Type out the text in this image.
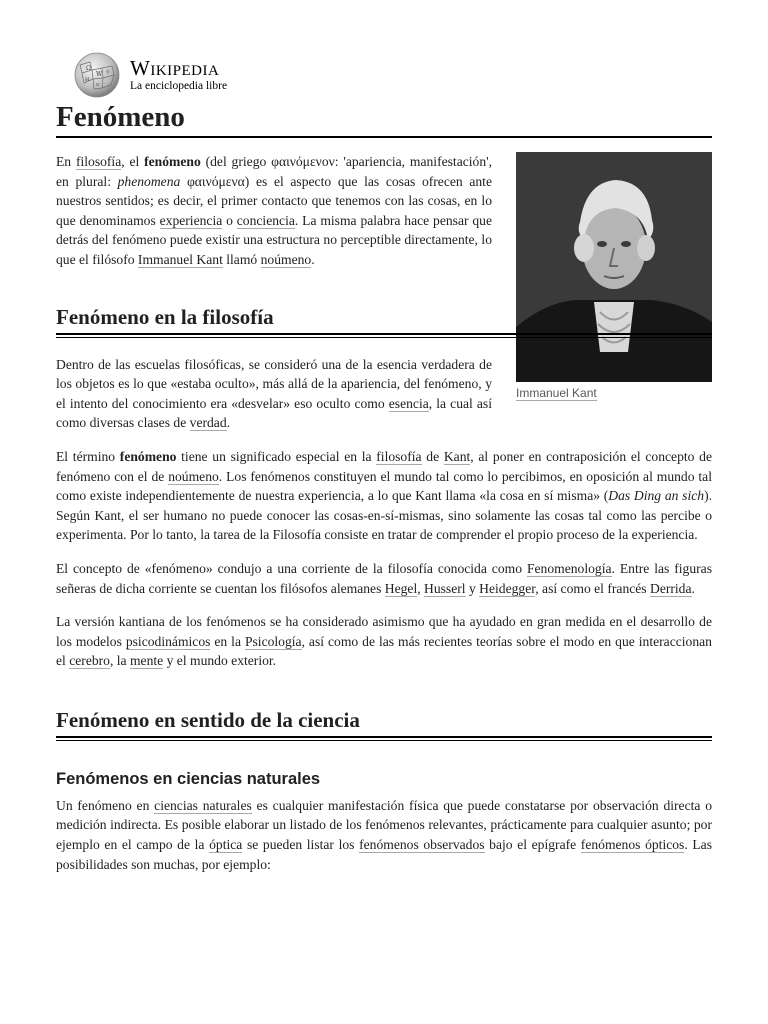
Ω
W
И
ウ
ש
Wikipedia
La enciclopedia libre
Fenómeno
Immanuel Kant

En filosofía, el fenómeno (del griego φαινόμενον: 'apariencia, manifestación', en plural: phenomena φαινόμενα) es el aspecto que las cosas ofrecen ante nuestros sentidos; es decir, el primer contacto que tenemos con las cosas, en lo que denominamos experiencia o conciencia. La misma palabra hace pensar que detrás del fenómeno puede existir una estructura no perceptible directamente, lo que el filósofo Immanuel Kant llamó noúmeno.

Fenómeno en la filosofía

Dentro de las escuelas filosóficas, se consideró una de la esencia verdadera de los objetos es lo que «estaba oculto», más allá de la apariencia, del fenómeno, y el intento del conocimiento era «desvelar» eso oculto como esencia, la cual así como diversas clases de verdad.

El término fenómeno tiene un significado especial en la filosofía de Kant, al poner en contraposición el concepto de fenómeno con el de noúmeno. Los fenómenos constituyen el mundo tal como lo percibimos, en oposición al mundo tal como existe independientemente de nuestra experiencia, a lo que Kant llama «la cosa en sí misma» (Das Ding an sich). Según Kant, el ser humano no puede conocer las cosas-en-sí-mismas, sino solamente las cosas tal como las percibe o experimenta. Por lo tanto, la tarea de la Filosofía consiste en tratar de comprender el propio proceso de la experiencia.

El concepto de «fenómeno» condujo a una corriente de la filosofía conocida como Fenomenología. Entre las figuras señeras de dicha corriente se cuentan los filósofos alemanes Hegel, Husserl y Heidegger, así como el francés Derrida.

La versión kantiana de los fenómenos se ha considerado asimismo que ha ayudado en gran medida en el desarrollo de los modelos psicodinámicos en la Psicología, así como de las más recientes teorías sobre el modo en que interaccionan el cerebro, la mente y el mundo exterior.

Fenómeno en sentido de la ciencia
Fenómenos en ciencias naturales

Un fenómeno en ciencias naturales es cualquier manifestación física que puede constatarse por observación directa o medición indirecta. Es posible elaborar un listado de los fenómenos relevantes, prácticamente para cualquier asunto; por ejemplo en el campo de la óptica se pueden listar los fenómenos observados bajo el epígrafe fenómenos ópticos. Las posibilidades son muchas, por ejemplo:
